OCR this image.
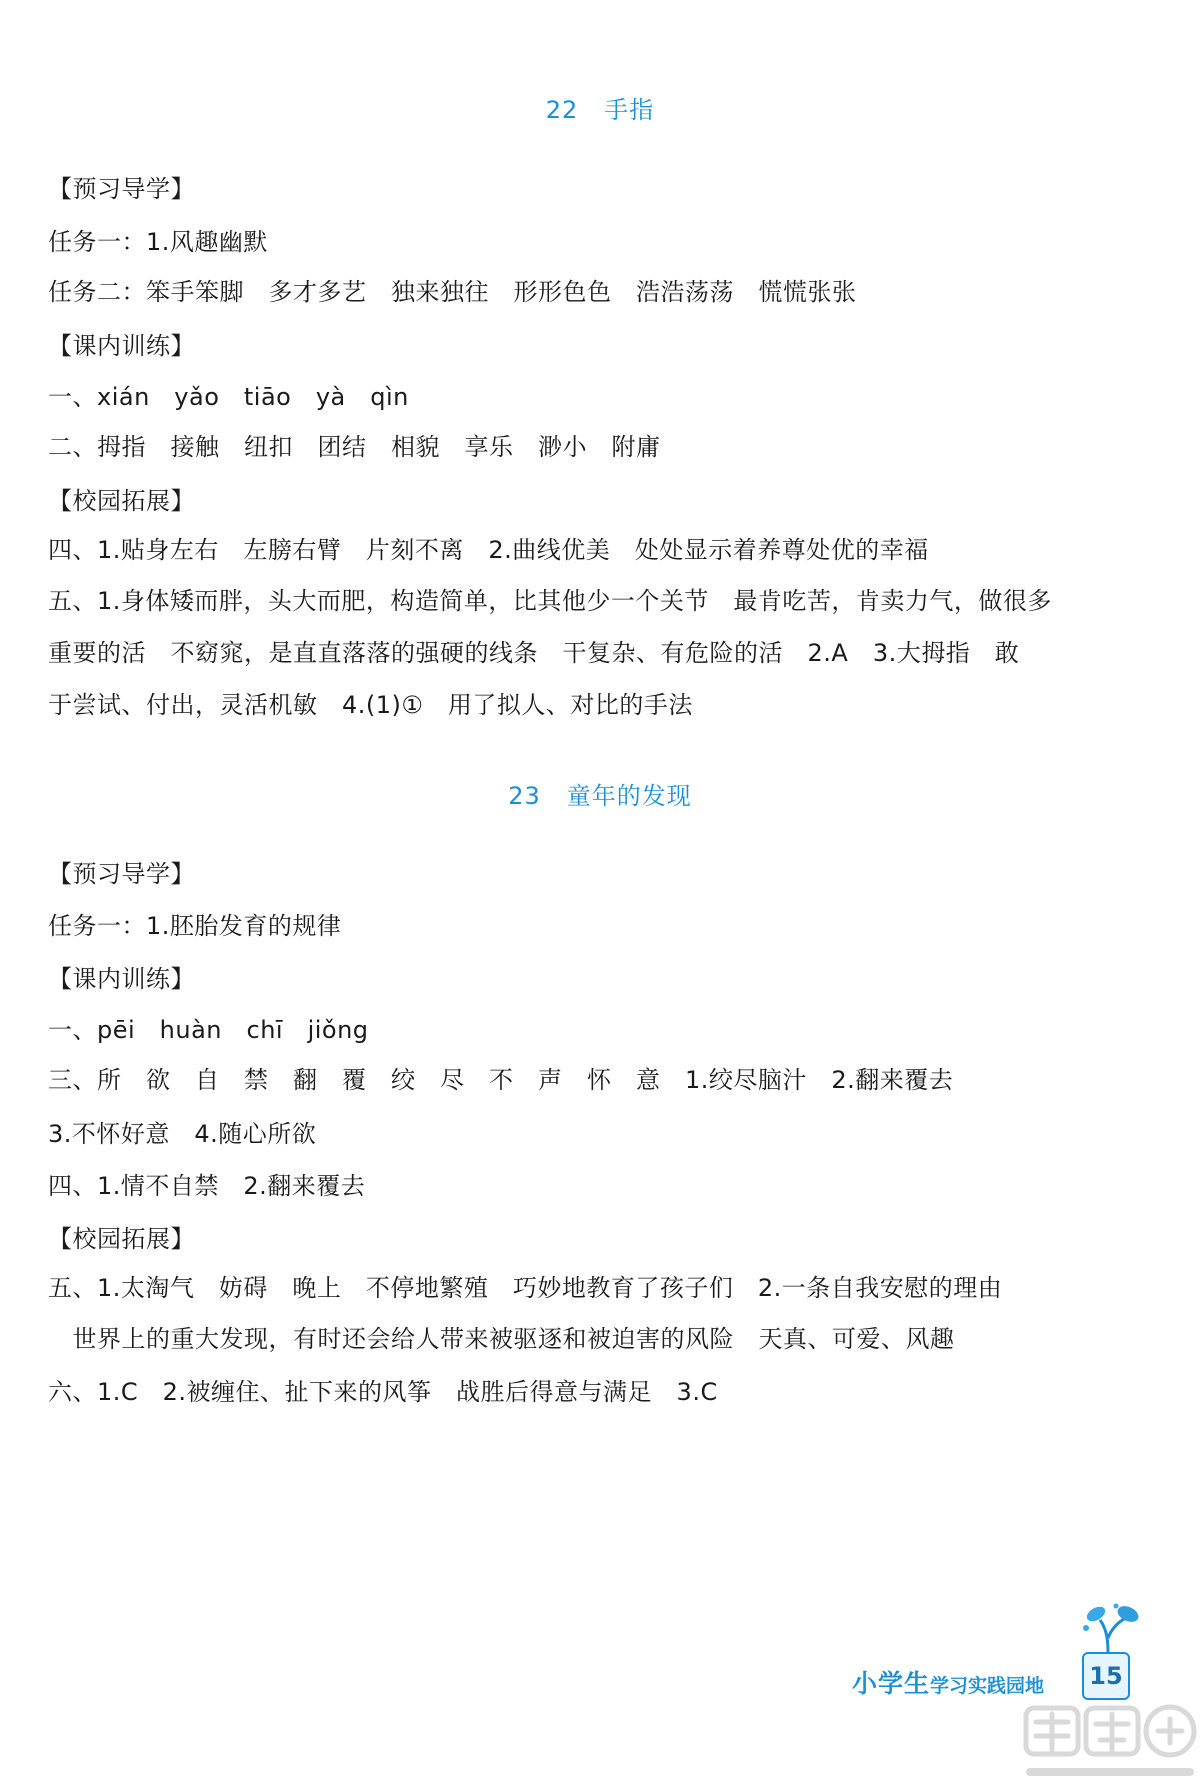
22 手指
【预习导学】
任务一：1.风趣幽默
任务二：笨手笨脚　多才多艺　独来独往　形形色色　浩浩荡荡　慌慌张张
【课内训练】
一、xián　yǎo　tiāo　yà　qìn
二、拇指　接触　纽扣　团结　相貌　享乐　渺小　附庸
【校园拓展】
四、1.贴身左右　左膀右臂　片刻不离　2.曲线优美　处处显示着养尊处优的幸福
五、1.身体矮而胖，头大而肥，构造简单，比其他少一个关节　最肯吃苦，肯卖力气，做很多
重要的活　不窈窕，是直直落落的强硬的线条　干复杂、有危险的活　2.A　3.大拇指　敢
于尝试、付出，灵活机敏　4.(1)①　用了拟人、对比的手法
23 童年的发现
【预习导学】
任务一：1.胚胎发育的规律
【课内训练】
一、pēi　huàn　chī　jiǒng
三、所　欲　自　禁　翻　覆　绞　尽　不　声　怀　意　1.绞尽脑汁　2.翻来覆去
3.不怀好意　4.随心所欲
四、1.情不自禁　2.翻来覆去
【校园拓展】
五、1.太淘气　妨碍　晚上　不停地繁殖　巧妙地教育了孩子们　2.一条自我安慰的理由
　世界上的重大发现，有时还会给人带来被驱逐和被迫害的风险　天真、可爱、风趣
六、1.C　2.被缠住、扯下来的风筝　战胜后得意与满足　3.C
小学生学习实践园地	15
